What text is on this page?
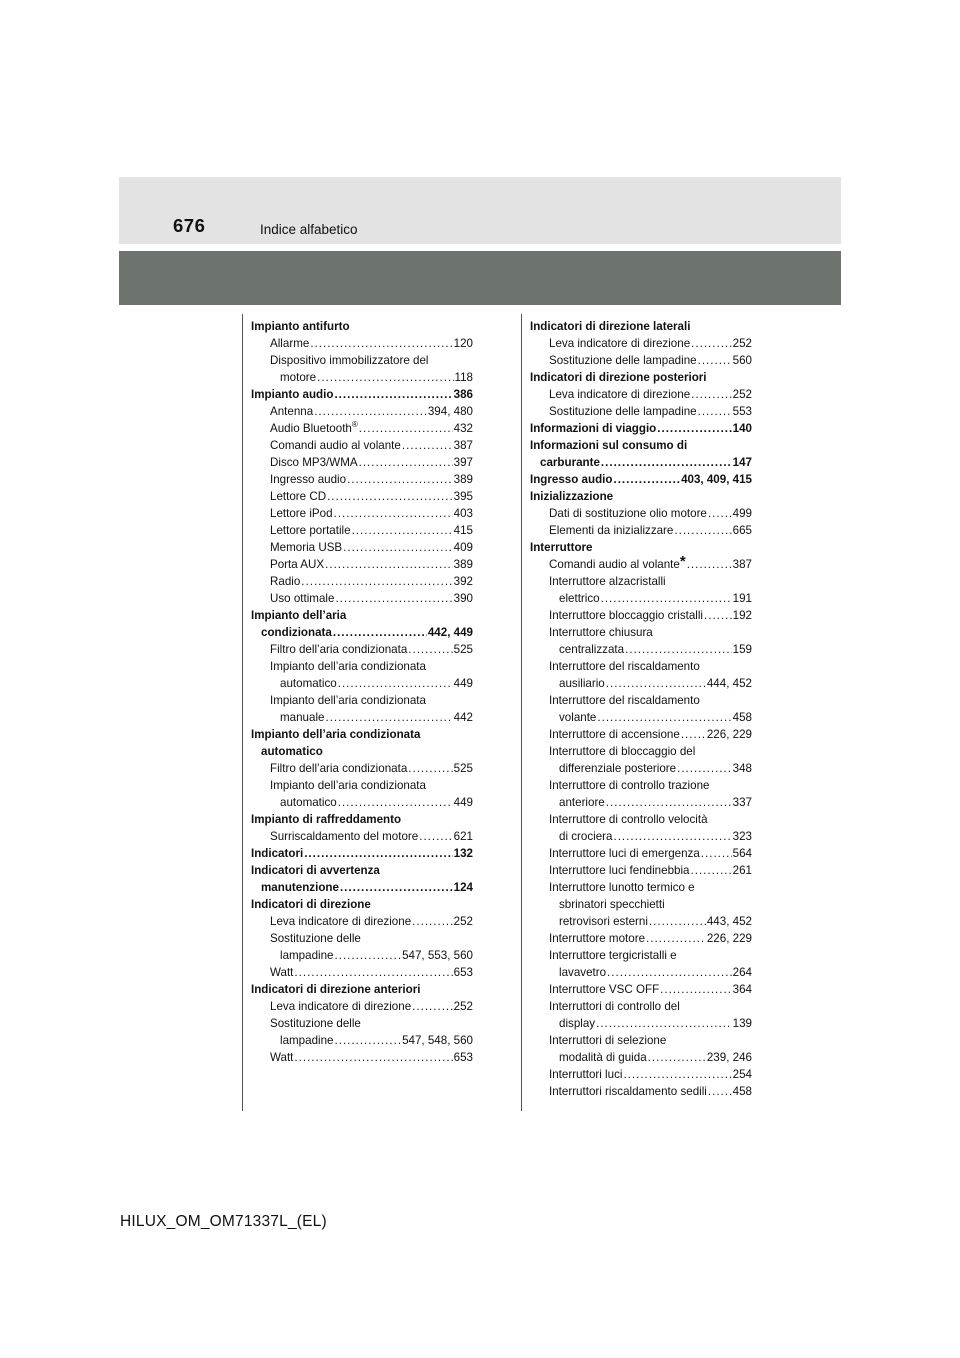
676	Indice alfabetico
Impianto antifurto
Allarme .....	120
Dispositivo immobilizzatore del
motore .....	118
Impianto audio .....	386
Antenna .....	394, 480
Audio Bluetooth® .....	432
Comandi audio al volante .....	387
Disco MP3/WMA .....	397
Ingresso audio .....	389
Lettore CD .....	395
Lettore iPod .....	403
Lettore portatile .....	415
Memoria USB .....	409
Porta AUX .....	389
Radio .....	392
Uso ottimale .....	390
Impianto dell’aria
condizionata .....	442, 449
Filtro dell’aria condizionata .....	525
Impianto dell’aria condizionata
automatico .....	449
Impianto dell’aria condizionata
manuale .....	442
Impianto dell’aria condizionata
automatico
Filtro dell’aria condizionata .....	525
Impianto dell’aria condizionata
automatico .....	449
Impianto di raffreddamento
Surriscaldamento del motore .....	621
Indicatori .....	132
Indicatori di avvertenza
manutenzione .....	124
Indicatori di direzione
Leva indicatore di direzione .....	252
Sostituzione delle
lampadine .....	547, 553, 560
Watt .....	653
Indicatori di direzione anteriori
Leva indicatore di direzione .....	252
Sostituzione delle
lampadine .....	547, 548, 560
Watt .....	653
Indicatori di direzione laterali
Leva indicatore di direzione .....	252
Sostituzione delle lampadine .....	560
Indicatori di direzione posteriori
Leva indicatore di direzione .....	252
Sostituzione delle lampadine .....	553
Informazioni di viaggio .....	140
Informazioni sul consumo di
carburante .....	147
Ingresso audio .....	403, 409, 415
Inizializzazione
Dati di sostituzione olio motore ..... 499
Elementi da inizializzare .....	665
Interruttore
Comandi audio al volante* .....	387
Interruttore alzacristalli
elettrico .....	191
Interruttore bloccaggio cristalli .....	192
Interruttore chiusura
centralizzata .....	159
Interruttore del riscaldamento
ausiliario .....	444, 452
Interruttore del riscaldamento
volante .....	458
Interruttore di accensione ..... 226, 229
Interruttore di bloccaggio del
differenziale posteriore .....	348
Interruttore di controllo trazione
anteriore .....	337
Interruttore di controllo velocità
di crociera .....	323
Interruttore luci di emergenza .....	564
Interruttore luci fendinebbia .....	261
Interruttore lunotto termico e
sbrinatori specchietti
retrovisori esterni .....	443, 452
Interruttore motore .....	226, 229
Interruttore tergicristalli e
lavavetro .....	264
Interruttore VSC OFF .....	364
Interruttori di controllo del
display .....	139
Interruttori di selezione
modalità di guida .....	239, 246
Interruttori luci .....	254
Interruttori riscaldamento sedili ..... 458
HILUX_OM_OM71337L_(EL)
